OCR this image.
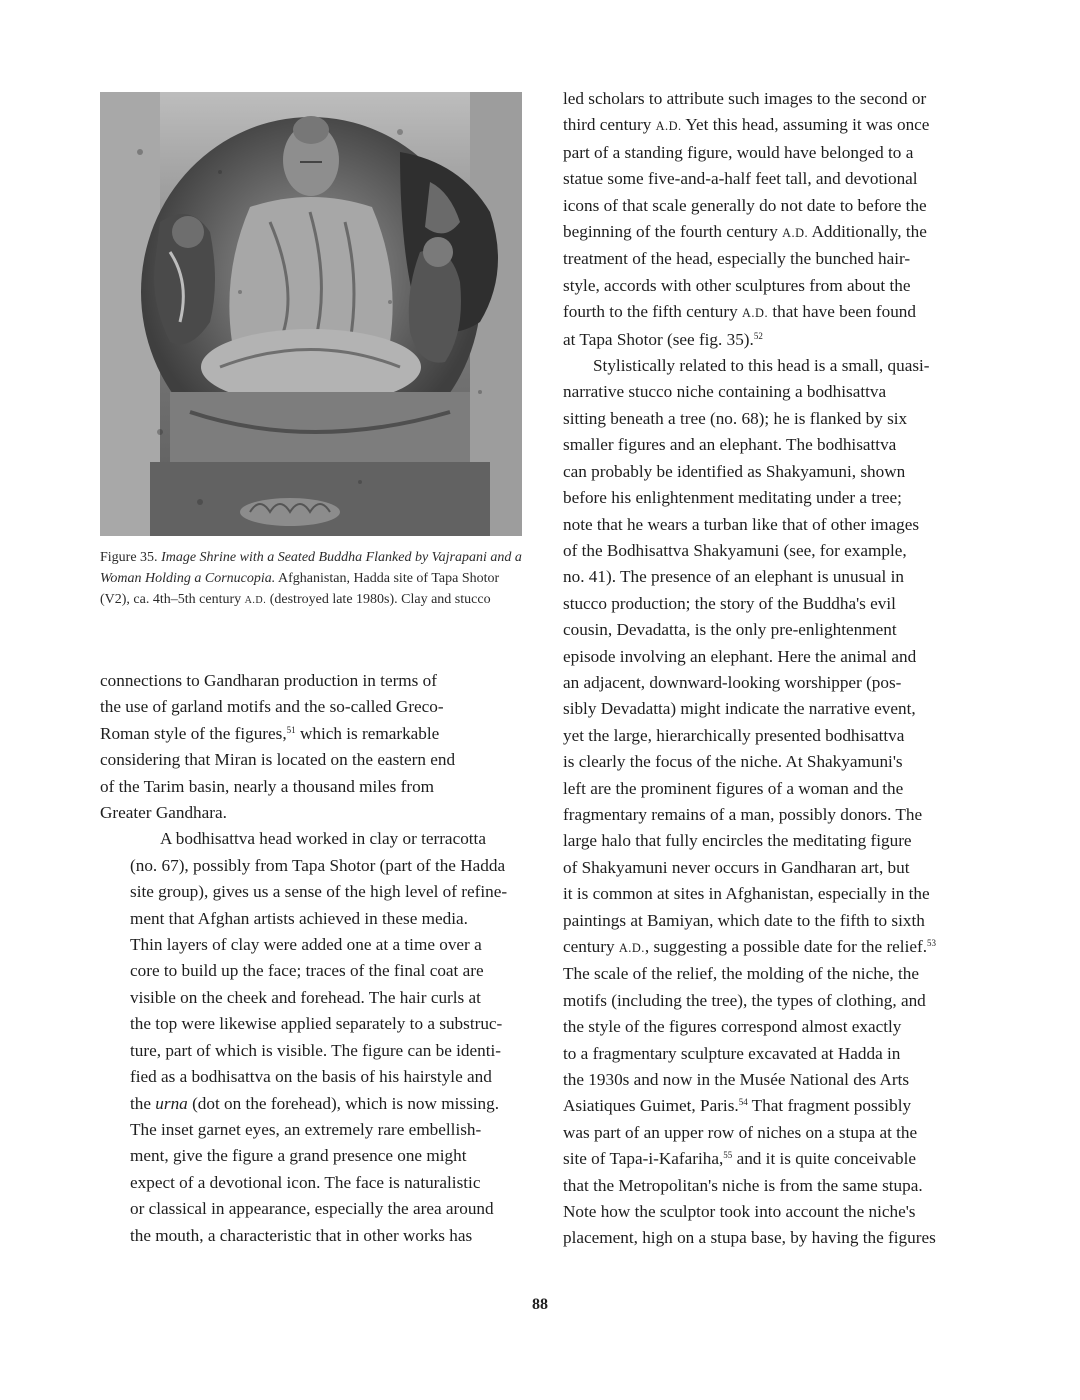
Figure 35. Image Shrine with a Seated Buddha Flanked by Vajrapani and a Woman Holding a Cornucopia. Afghanistan, Hadda site of Tapa Shotor (V2), ca. 4th–5th century A.D. (destroyed late 1980s). Clay and stucco

connections to Gandharan production in terms of
the use of garland motifs and the so-called Greco-
Roman style of the figures,$^{51}$ which is remarkable
considering that Miran is located on the eastern end
of the Tarim basin, nearly a thousand miles from
Greater Gandhara.

A bodhisattva head worked in clay or terracotta
(no. 67), possibly from Tapa Shotor (part of the Hadda
site group), gives us a sense of the high level of refine-
ment that Afghan artists achieved in these media.
Thin layers of clay were added one at a time over a
core to build up the face; traces of the final coat are
visible on the cheek and forehead. The hair curls at
the top were likewise applied separately to a substruc-
ture, part of which is visible. The figure can be identi-
fied as a bodhisattva on the basis of his hairstyle and
the urna (dot on the forehead), which is now missing.
The inset garnet eyes, an extremely rare embellish-
ment, give the figure a grand presence one might
expect of a devotional icon. The face is naturalistic
or classical in appearance, especially the area around
the mouth, a characteristic that in other works has

led scholars to attribute such images to the second or
third century A.D. Yet this head, assuming it was once
part of a standing figure, would have belonged to a
statue some five-and-a-half feet tall, and devotional
icons of that scale generally do not date to before the
beginning of the fourth century A.D. Additionally, the
treatment of the head, especially the bunched hair-
style, accords with other sculptures from about the
fourth to the fifth century A.D. that have been found
at Tapa Shotor (see fig. 35).$^{52}$

Stylistically related to this head is a small, quasi-
narrative stucco niche containing a bodhisattva
sitting beneath a tree (no. 68); he is flanked by six
smaller figures and an elephant. The bodhisattva
can probably be identified as Shakyamuni, shown
before his enlightenment meditating under a tree;
note that he wears a turban like that of other images
of the Bodhisattva Shakyamuni (see, for example,
no. 41). The presence of an elephant is unusual in
stucco production; the story of the Buddha's evil
cousin, Devadatta, is the only pre-enlightenment
episode involving an elephant. Here the animal and
an adjacent, downward-looking worshipper (pos-
sibly Devadatta) might indicate the narrative event,
yet the large, hierarchically presented bodhisattva
is clearly the focus of the niche. At Shakyamuni's
left are the prominent figures of a woman and the
fragmentary remains of a man, possibly donors. The
large halo that fully encircles the meditating figure
of Shakyamuni never occurs in Gandharan art, but
it is common at sites in Afghanistan, especially in the
paintings at Bamiyan, which date to the fifth to sixth
century A.D., suggesting a possible date for the relief.$^{53}$
The scale of the relief, the molding of the niche, the
motifs (including the tree), the types of clothing, and
the style of the figures correspond almost exactly
to a fragmentary sculpture excavated at Hadda in
the 1930s and now in the Musée National des Arts
Asiatiques Guimet, Paris.$^{54}$ That fragment possibly
was part of an upper row of niches on a stupa at the
site of Tapa-i-Kafariha,$^{55}$ and it is quite conceivable
that the Metropolitan's niche is from the same stupa.
Note how the sculptor took into account the niche's
placement, high on a stupa base, by having the figures

88
